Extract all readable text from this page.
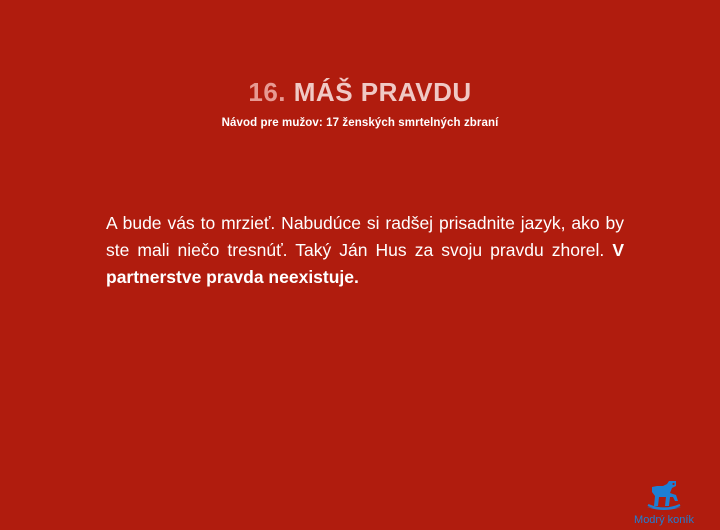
16. MÁŠ PRAVDU
Návod pre mužov: 17 ženských smrtelných zbraní

A bude vás to mrzieť. Nabudúce si radšej prisadnite jazyk, ako by ste mali niečo tresnúť. Taký Ján Hus za svoju pravdu zhorel. V partnerstve pravda neexistuje.

Modrý koník
